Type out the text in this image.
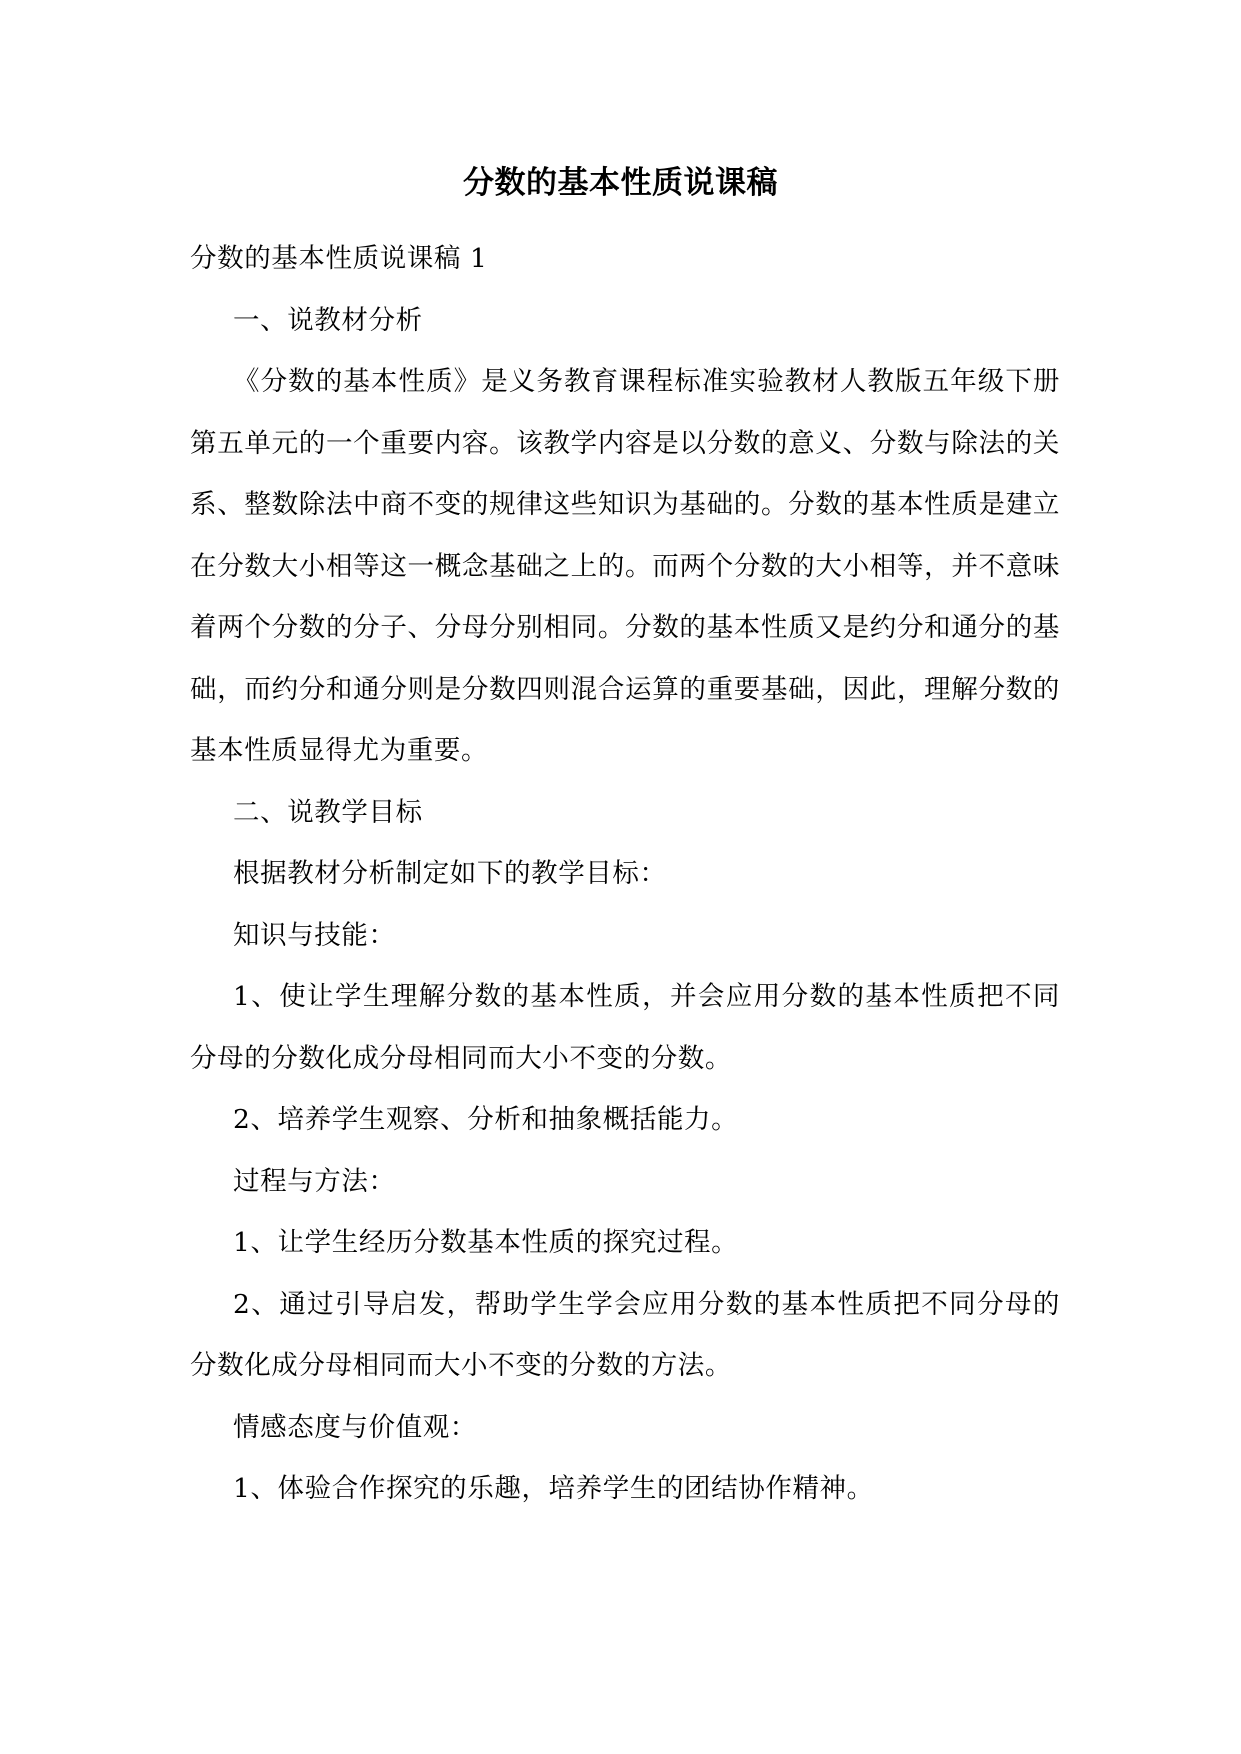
分数的基本性质说课稿

分数的基本性质说课稿 1

一、说教材分析

《分数的基本性质》是义务教育课程标准实验教材人教版五年级下册第五单元的一个重要内容。该教学内容是以分数的意义、分数与除法的关系、整数除法中商不变的规律这些知识为基础的。分数的基本性质是建立在分数大小相等这一概念基础之上的。而两个分数的大小相等，并不意味着两个分数的分子、分母分别相同。分数的基本性质又是约分和通分的基础，而约分和通分则是分数四则混合运算的重要基础，因此，理解分数的基本性质显得尤为重要。

二、说教学目标

根据教材分析制定如下的教学目标：

知识与技能：

1、使让学生理解分数的基本性质，并会应用分数的基本性质把不同分母的分数化成分母相同而大小不变的分数。

2、培养学生观察、分析和抽象概括能力。

过程与方法：

1、让学生经历分数基本性质的探究过程。

2、通过引导启发，帮助学生学会应用分数的基本性质把不同分母的分数化成分母相同而大小不变的分数的方法。

情感态度与价值观：

1、体验合作探究的乐趣，培养学生的团结协作精神。
